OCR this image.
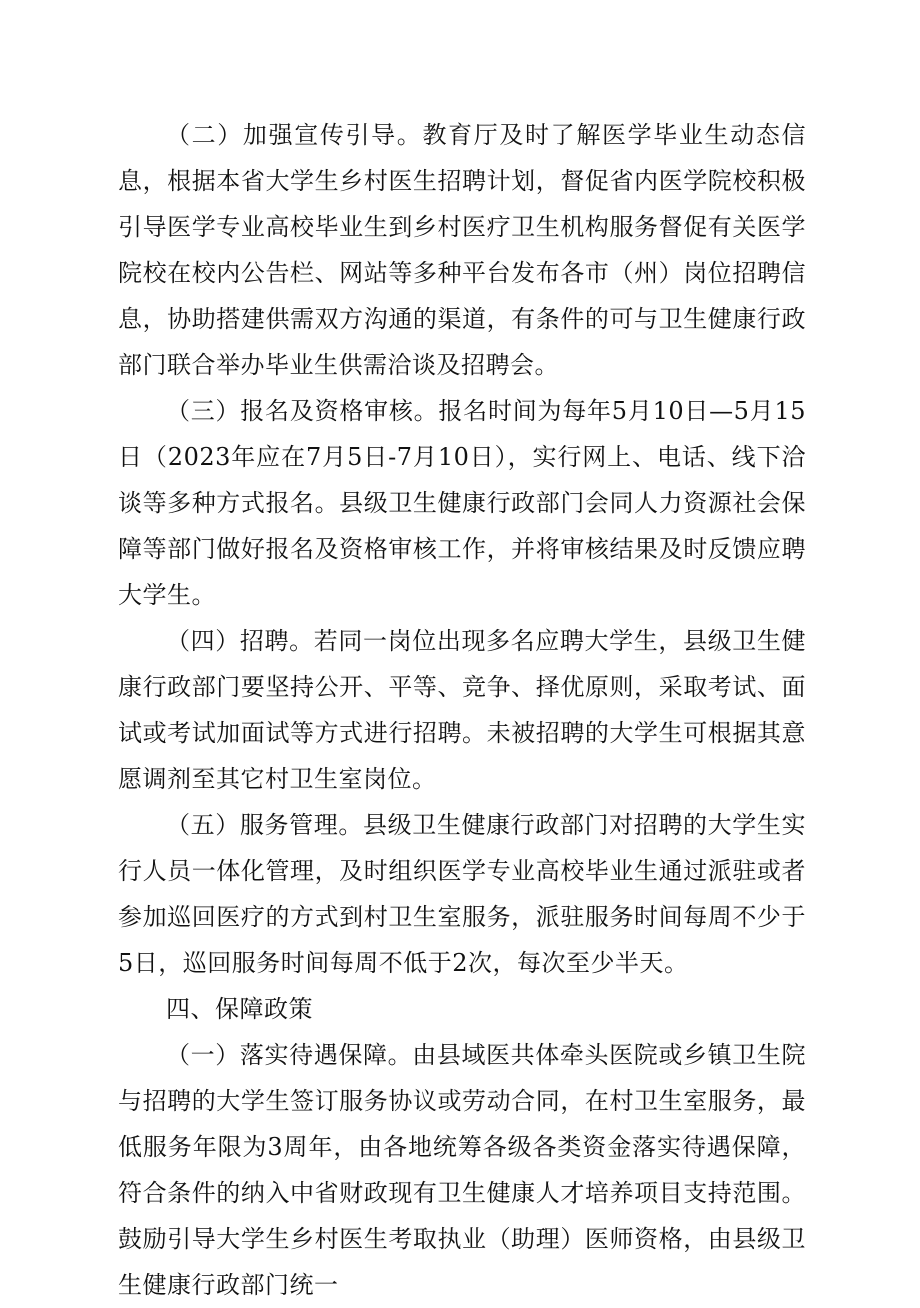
（二）加强宣传引导。教育厅及时了解医学毕业生动态信息，根据本省大学生乡村医生招聘计划，督促省内医学院校积极引导医学专业高校毕业生到乡村医疗卫生机构服务督促有关医学院校在校内公告栏、网站等多种平台发布各市（州）岗位招聘信息，协助搭建供需双方沟通的渠道，有条件的可与卫生健康行政部门联合举办毕业生供需洽谈及招聘会。

（三）报名及资格审核。报名时间为每年5月10日—5月15日（2023年应在7月5日-7月10日），实行网上、电话、线下洽谈等多种方式报名。县级卫生健康行政部门会同人力资源社会保障等部门做好报名及资格审核工作，并将审核结果及时反馈应聘大学生。

（四）招聘。若同一岗位出现多名应聘大学生，县级卫生健康行政部门要坚持公开、平等、竞争、择优原则，采取考试、面试或考试加面试等方式进行招聘。未被招聘的大学生可根据其意愿调剂至其它村卫生室岗位。

（五）服务管理。县级卫生健康行政部门对招聘的大学生实行人员一体化管理，及时组织医学专业高校毕业生通过派驻或者参加巡回医疗的方式到村卫生室服务，派驻服务时间每周不少于5日，巡回服务时间每周不低于2次，每次至少半天。

四、保障政策

（一）落实待遇保障。由县域医共体牵头医院或乡镇卫生院与招聘的大学生签订服务协议或劳动合同，在村卫生室服务，最低服务年限为3周年，由各地统筹各级各类资金落实待遇保障，符合条件的纳入中省财政现有卫生健康人才培养项目支持范围。鼓励引导大学生乡村医生考取执业（助理）医师资格，由县级卫生健康行政部门统一
